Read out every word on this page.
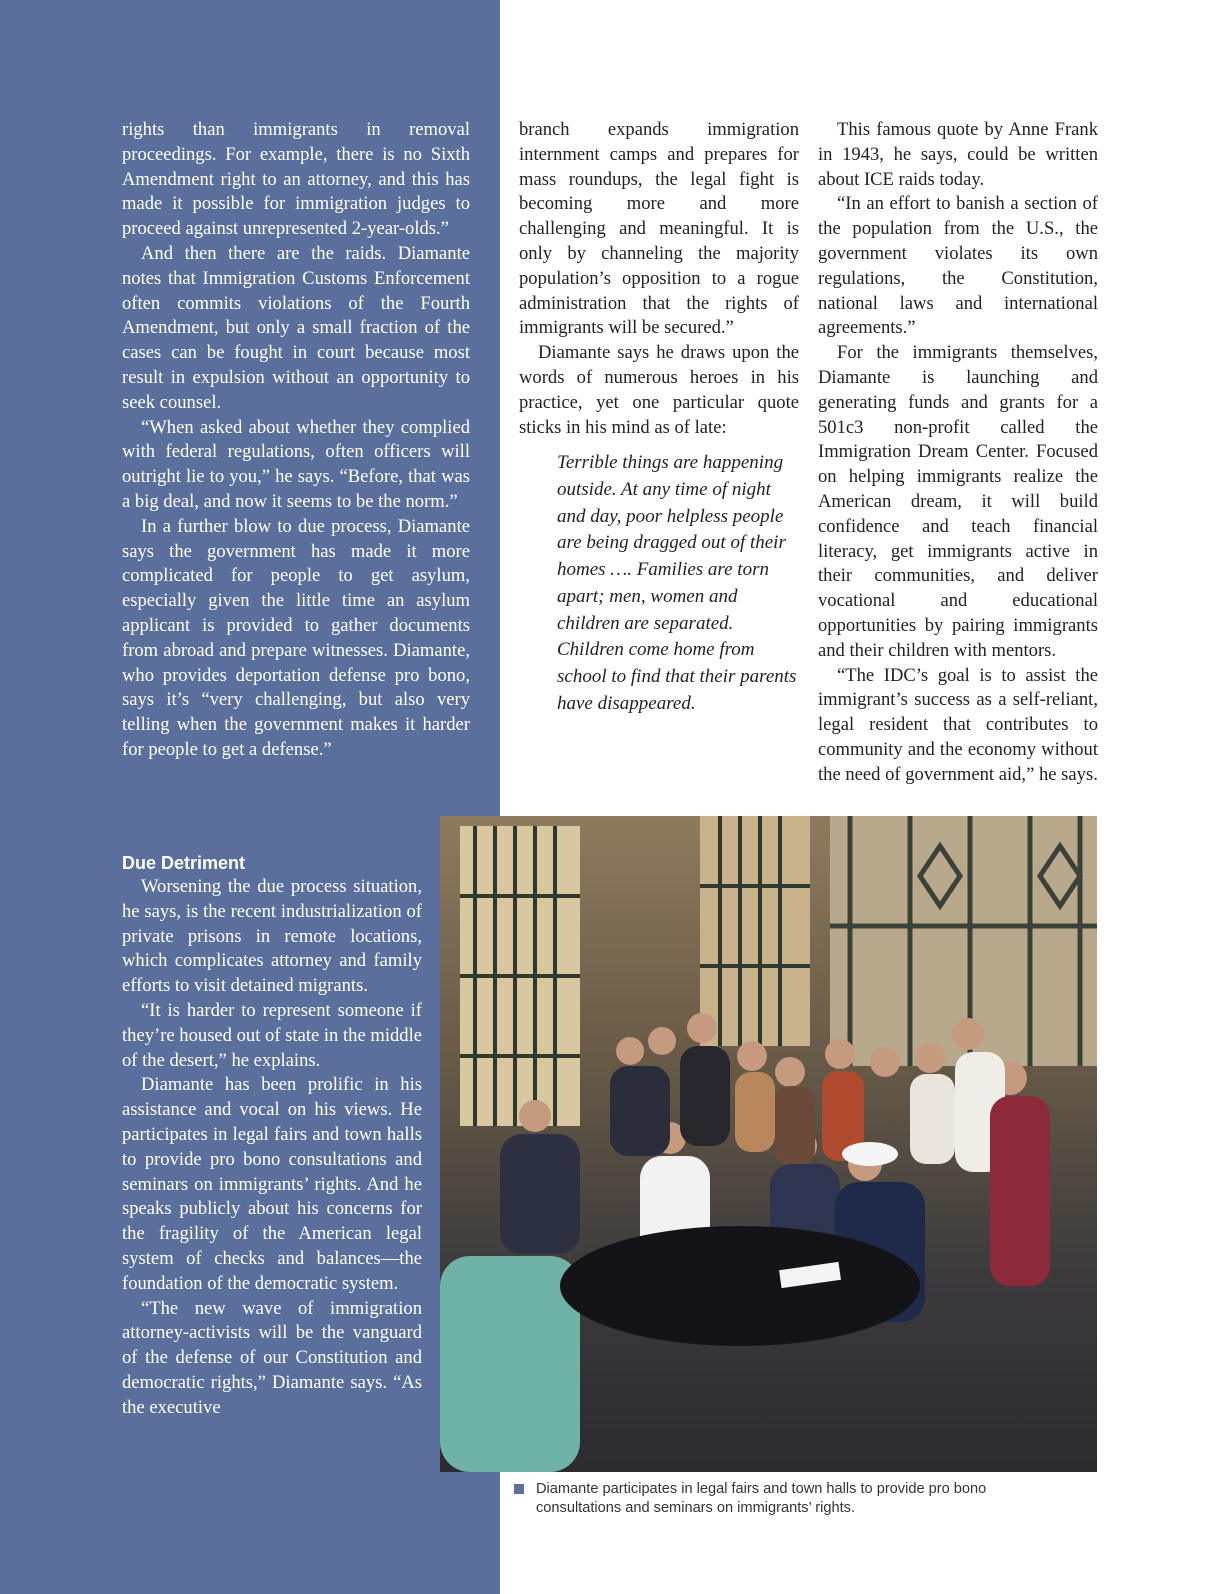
rights than immigrants in removal proceedings. For example, there is no Sixth Amendment right to an attorney, and this has made it possible for immigration judges to proceed against unrepresented 2-year-olds.”

And then there are the raids. Diamante notes that Immigration Customs Enforcement often commits violations of the Fourth Amendment, but only a small fraction of the cases can be fought in court because most result in expulsion without an opportunity to seek counsel.

“When asked about whether they complied with federal regulations, often officers will outright lie to you,” he says. “Before, that was a big deal, and now it seems to be the norm.”

In a further blow to due process, Diamante says the government has made it more complicated for people to get asylum, especially given the little time an asylum applicant is provided to gather documents from abroad and prepare witnesses. Diamante, who provides deportation defense pro bono, says it’s “very challenging, but also very telling when the government makes it harder for people to get a defense.”

Due Detriment

Worsening the due process situation, he says, is the recent industrialization of private prisons in remote locations, which complicates attorney and family efforts to visit detained migrants.

“It is harder to represent someone if they’re housed out of state in the middle of the desert,” he explains.

Diamante has been prolific in his assistance and vocal on his views. He participates in legal fairs and town halls to provide pro bono consultations and seminars on immigrants’ rights. And he speaks publicly about his concerns for the fragility of the American legal system of checks and balances—the foundation of the democratic system.

“The new wave of immigration attorney-activists will be the vanguard of the defense of our Constitution and democratic rights,” Diamante says. “As the executive

branch expands immigration internment camps and prepares for mass roundups, the legal fight is becoming more and more challenging and meaningful. It is only by channeling the majority population’s opposition to a rogue administration that the rights of immigrants will be secured.”

Diamante says he draws upon the words of numerous heroes in his practice, yet one particular quote sticks in his mind as of late:

Terrible things are happening outside. At any time of night and day, poor helpless people are being dragged out of their homes …. Families are torn apart; men, women and children are separated. Children come home from school to find that their parents have disappeared.

This famous quote by Anne Frank in 1943, he says, could be written about ICE raids today.

“In an effort to banish a section of the population from the U.S., the government violates its own regulations, the Constitution, national laws and international agreements.”

For the immigrants themselves, Diamante is launching and generating funds and grants for a 501c3 non-profit called the Immigration Dream Center. Focused on helping immigrants realize the American dream, it will build confidence and teach financial literacy, get immigrants active in their communities, and deliver vocational and educational opportunities by pairing immigrants and their children with mentors.

“The IDC’s goal is to assist the immigrant’s success as a self-reliant, legal resident that contributes to community and the economy without the need of government aid,” he says.

Diamante participates in legal fairs and town halls to provide pro bono consultations and seminars on immigrants’ rights.
